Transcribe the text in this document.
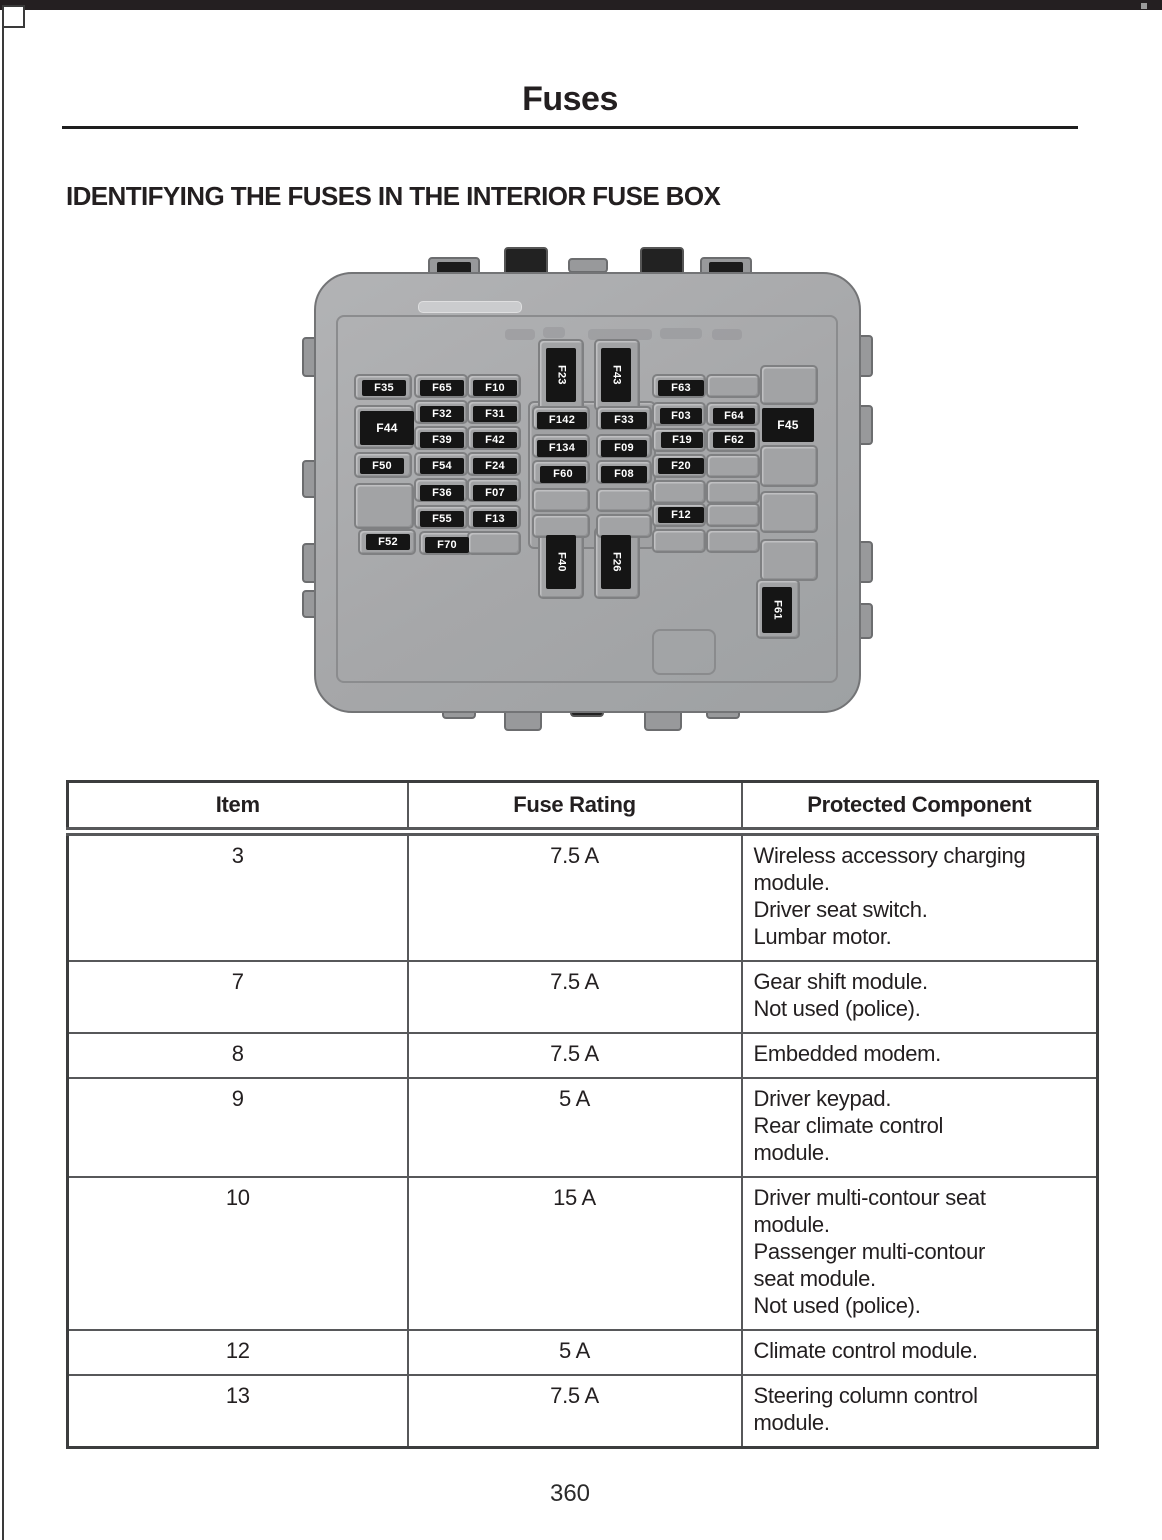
Fuses
IDENTIFYING THE FUSES IN THE INTERIOR FUSE BOX
F35
F44
F50
F52
F65
F32
F39
F54
F36
F55
F70
F10
F31
F42
F24
F07
F13
F23	F43
F142	F33
F134	F09
F60	F08
F40	F26
F63
F03	F64
F19	F62
F20
F12
F45
F61
Item	Fuse Rating	Protected Component
3	7.5 A	Wireless accessory charging
module.
Driver seat switch.
Lumbar motor.

7	7.5 A	Gear shift module.
Not used (police).

8	7.5 A	Embedded modem.

9	5 A	Driver keypad.
Rear climate control
module.

10	15 A	Driver multi-contour seat
module.
Passenger multi-contour
seat module.
Not used (police).

12	5 A	Climate control module.

13	7.5 A	Steering column control
module.
360
